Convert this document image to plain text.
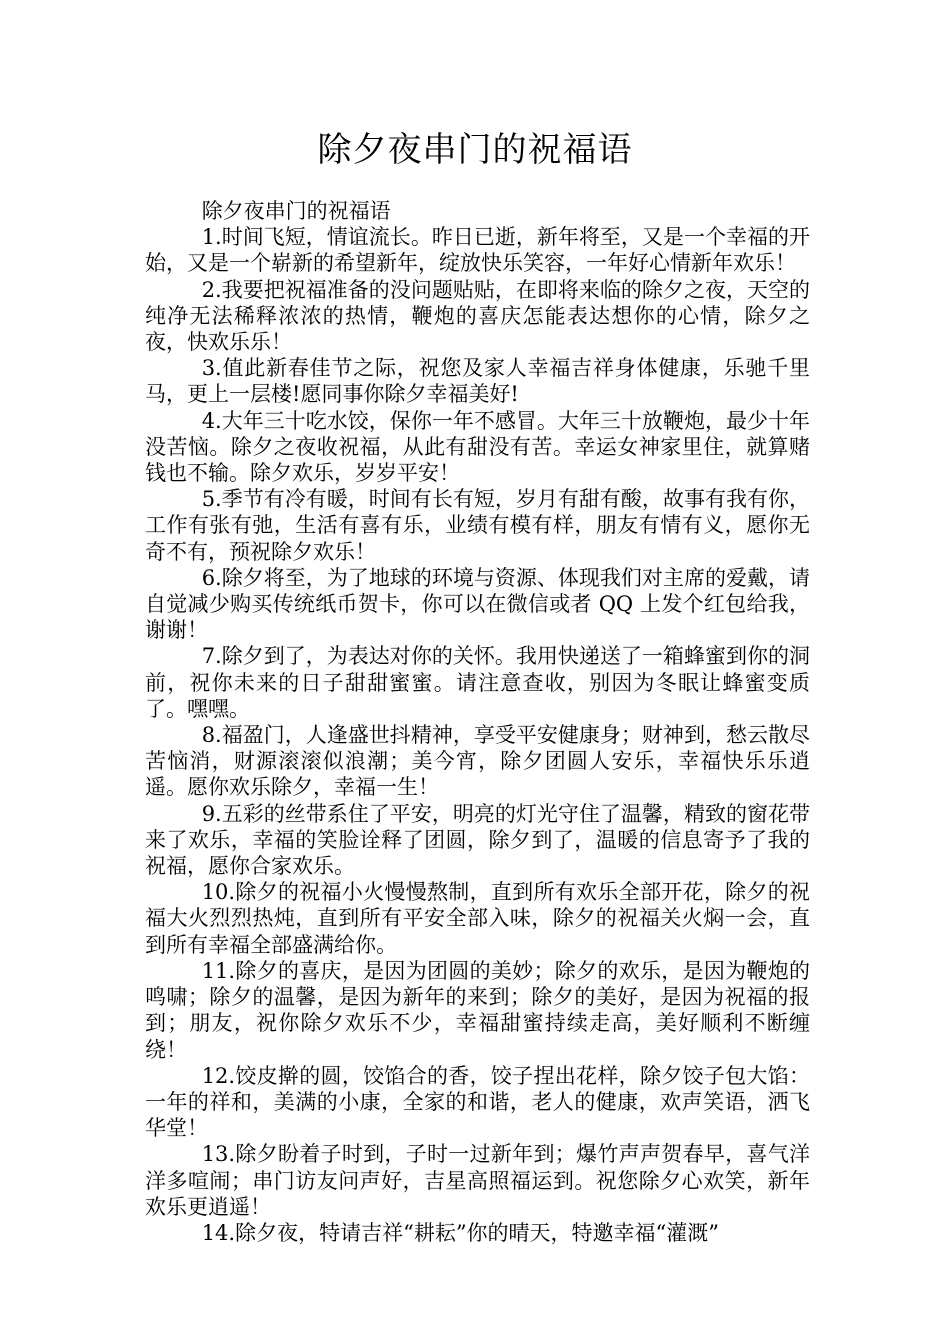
除夕夜串门的祝福语

除夕夜串门的祝福语

1.时间飞短，情谊流长。昨日已逝，新年将至，又是一个幸福的开始，又是一个崭新的希望新年，绽放快乐笑容，一年好心情新年欢乐！

2.我要把祝福准备的没问题贴贴，在即将来临的除夕之夜，天空的纯净无法稀释浓浓的热情，鞭炮的喜庆怎能表达想你的心情，除夕之夜，快欢乐乐！

3.值此新春佳节之际，祝您及家人幸福吉祥身体健康，乐驰千里马，更上一层楼!愿同事你除夕幸福美好!

4.大年三十吃水饺，保你一年不感冒。大年三十放鞭炮，最少十年没苦恼。除夕之夜收祝福，从此有甜没有苦。幸运女神家里住，就算赌钱也不输。除夕欢乐，岁岁平安！

5.季节有冷有暖，时间有长有短，岁月有甜有酸，故事有我有你，工作有张有弛，生活有喜有乐，业绩有模有样，朋友有情有义，愿你无奇不有，预祝除夕欢乐！

6.除夕将至，为了地球的环境与资源、体现我们对主席的爱戴，请自觉减少购买传统纸币贺卡，你可以在微信或者 QQ 上发个红包给我，谢谢！

7.除夕到了，为表达对你的关怀。我用快递送了一箱蜂蜜到你的洞前，祝你未来的日子甜甜蜜蜜。请注意查收，别因为冬眠让蜂蜜变质了。嘿嘿。

8.福盈门，人逢盛世抖精神，享受平安健康身；财神到，愁云散尽苦恼消，财源滚滚似浪潮；美今宵，除夕团圆人安乐，幸福快乐乐逍遥。愿你欢乐除夕，幸福一生！

9.五彩的丝带系住了平安，明亮的灯光守住了温馨，精致的窗花带来了欢乐，幸福的笑脸诠释了团圆，除夕到了，温暖的信息寄予了我的祝福，愿你合家欢乐。

10.除夕的祝福小火慢慢熬制，直到所有欢乐全部开花，除夕的祝福大火烈烈热炖，直到所有平安全部入味，除夕的祝福关火焖一会，直到所有幸福全部盛满给你。

11.除夕的喜庆，是因为团圆的美妙；除夕的欢乐，是因为鞭炮的鸣啸；除夕的温馨，是因为新年的来到；除夕的美好，是因为祝福的报到；朋友，祝你除夕欢乐不少，幸福甜蜜持续走高，美好顺利不断缠绕！

12.饺皮擀的圆，饺馅合的香，饺子捏出花样，除夕饺子包大馅：一年的祥和，美满的小康，全家的和谐，老人的健康，欢声笑语，洒飞华堂！

13.除夕盼着子时到，子时一过新年到；爆竹声声贺春早，喜气洋洋多喧闹；串门访友问声好，吉星高照福运到。祝您除夕心欢笑，新年欢乐更逍遥！

14.除夕夜，特请吉祥“耕耘”你的晴天，特邀幸福“灌溉”
